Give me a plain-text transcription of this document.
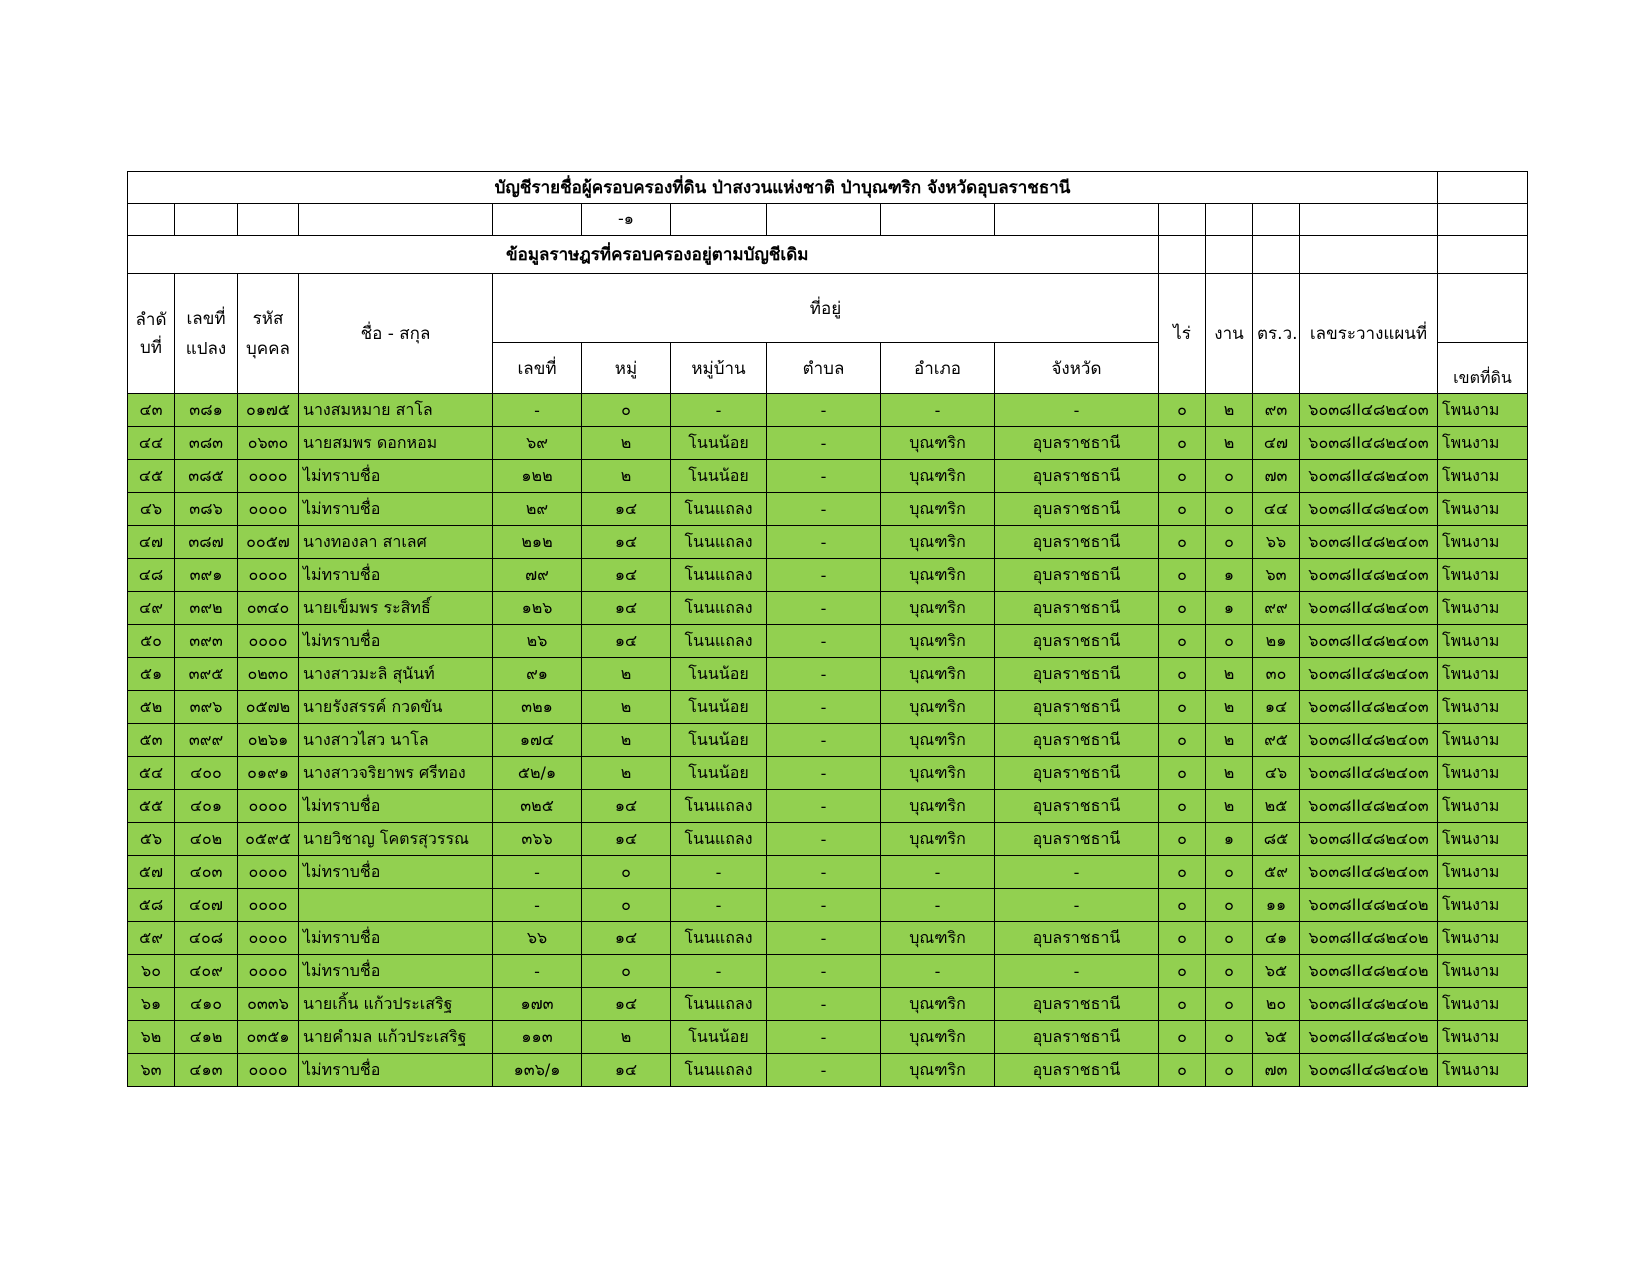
บัญชีรายชื่อผู้ครอบครองที่ดิน ป่าสงวนแห่งชาติ ป่าบุณฑริก จังหวัดอุบลราชธานี														
					-๑									
ข้อมูลราษฎรที่ครอบครองอยู่ตามบัญชีเดิม														
ลำดับที่	เลขที่แปลง	รหัสบุคคล	ชื่อ - สกุล	ที่อยู่						ไร่	งาน	ตร.ว.	เลขระวางแผนที่	
				เลขที่	หมู่	หมู่บ้าน	ตำบล	อำเภอ	จังหวัด					เขตที่ดิน
๔๓	๓๘๑	๐๑๗๕	นางสมหมาย สาโล	-	๐	-	-	-	-	๐	๒	๙๓	๖๐๓๘II๔๘๒๔๐๓	โพนงาม
๔๔	๓๘๓	๐๖๓๐	นายสมพร ดอกหอม	๖๙	๒	โนนน้อย	-	บุณฑริก	อุบลราชธานี	๐	๒	๔๗	๖๐๓๘II๔๘๒๔๐๓	โพนงาม
๔๕	๓๘๕	๐๐๐๐	ไม่ทราบชื่อ	๑๒๒	๒	โนนน้อย	-	บุณฑริก	อุบลราชธานี	๐	๐	๗๓	๖๐๓๘II๔๘๒๔๐๓	โพนงาม
๔๖	๓๘๖	๐๐๐๐	ไม่ทราบชื่อ	๒๙	๑๔	โนนแถลง	-	บุณฑริก	อุบลราชธานี	๐	๐	๔๔	๖๐๓๘II๔๘๒๔๐๓	โพนงาม
๔๗	๓๘๗	๐๐๕๗	นางทองลา สาเลศ	๒๑๒	๑๔	โนนแถลง	-	บุณฑริก	อุบลราชธานี	๐	๐	๖๖	๖๐๓๘II๔๘๒๔๐๓	โพนงาม
๔๘	๓๙๑	๐๐๐๐	ไม่ทราบชื่อ	๗๙	๑๔	โนนแถลง	-	บุณฑริก	อุบลราชธานี	๐	๑	๖๓	๖๐๓๘II๔๘๒๔๐๓	โพนงาม
๔๙	๓๙๒	๐๓๔๐	นายเข็มพร ระสิทธิ์	๑๒๖	๑๔	โนนแถลง	-	บุณฑริก	อุบลราชธานี	๐	๑	๙๙	๖๐๓๘II๔๘๒๔๐๓	โพนงาม
๕๐	๓๙๓	๐๐๐๐	ไม่ทราบชื่อ	๒๖	๑๔	โนนแถลง	-	บุณฑริก	อุบลราชธานี	๐	๐	๒๑	๖๐๓๘II๔๘๒๔๐๓	โพนงาม
๕๑	๓๙๕	๐๒๓๐	นางสาวมะลิ สุนันท์	๙๑	๒	โนนน้อย	-	บุณฑริก	อุบลราชธานี	๐	๒	๓๐	๖๐๓๘II๔๘๒๔๐๓	โพนงาม
๕๒	๓๙๖	๐๕๗๒	นายรังสรรค์ กวดขัน	๓๒๑	๒	โนนน้อย	-	บุณฑริก	อุบลราชธานี	๐	๒	๑๔	๖๐๓๘II๔๘๒๔๐๓	โพนงาม
๕๓	๓๙๙	๐๒๖๑	นางสาวไสว นาโล	๑๗๔	๒	โนนน้อย	-	บุณฑริก	อุบลราชธานี	๐	๒	๙๕	๖๐๓๘II๔๘๒๔๐๓	โพนงาม
๕๔	๔๐๐	๐๑๙๑	นางสาวจริยาพร ศรีทอง	๕๒/๑	๒	โนนน้อย	-	บุณฑริก	อุบลราชธานี	๐	๒	๔๖	๖๐๓๘II๔๘๒๔๐๓	โพนงาม
๕๕	๔๐๑	๐๐๐๐	ไม่ทราบชื่อ	๓๒๕	๑๔	โนนแถลง	-	บุณฑริก	อุบลราชธานี	๐	๒	๒๕	๖๐๓๘II๔๘๒๔๐๓	โพนงาม
๕๖	๔๐๒	๐๕๙๕	นายวิชาญ โคตรสุวรรณ	๓๖๖	๑๔	โนนแถลง	-	บุณฑริก	อุบลราชธานี	๐	๑	๘๕	๖๐๓๘II๔๘๒๔๐๓	โพนงาม
๕๗	๔๐๓	๐๐๐๐	ไม่ทราบชื่อ	-	๐	-	-	-	-	๐	๐	๕๙	๖๐๓๘II๔๘๒๔๐๓	โพนงาม
๕๘	๔๐๗	๐๐๐๐		-	๐	-	-	-	-	๐	๐	๑๑	๖๐๓๘II๔๘๒๔๐๒	โพนงาม
๕๙	๔๐๘	๐๐๐๐	ไม่ทราบชื่อ	๖๖	๑๔	โนนแถลง	-	บุณฑริก	อุบลราชธานี	๐	๐	๔๑	๖๐๓๘II๔๘๒๔๐๒	โพนงาม
๖๐	๔๐๙	๐๐๐๐	ไม่ทราบชื่อ	-	๐	-	-	-	-	๐	๐	๖๕	๖๐๓๘II๔๘๒๔๐๒	โพนงาม
๖๑	๔๑๐	๐๓๓๖	นายเกิ้น แก้วประเสริฐ	๑๗๓	๑๔	โนนแถลง	-	บุณฑริก	อุบลราชธานี	๐	๐	๒๐	๖๐๓๘II๔๘๒๔๐๒	โพนงาม
๖๒	๔๑๒	๐๓๕๑	นายคำมล แก้วประเสริฐ	๑๑๓	๒	โนนน้อย	-	บุณฑริก	อุบลราชธานี	๐	๐	๖๕	๖๐๓๘II๔๘๒๔๐๒	โพนงาม
๖๓	๔๑๓	๐๐๐๐	ไม่ทราบชื่อ	๑๓๖/๑	๑๔	โนนแถลง	-	บุณฑริก	อุบลราชธานี	๐	๐	๗๓	๖๐๓๘II๔๘๒๔๐๒	โพนงาม
